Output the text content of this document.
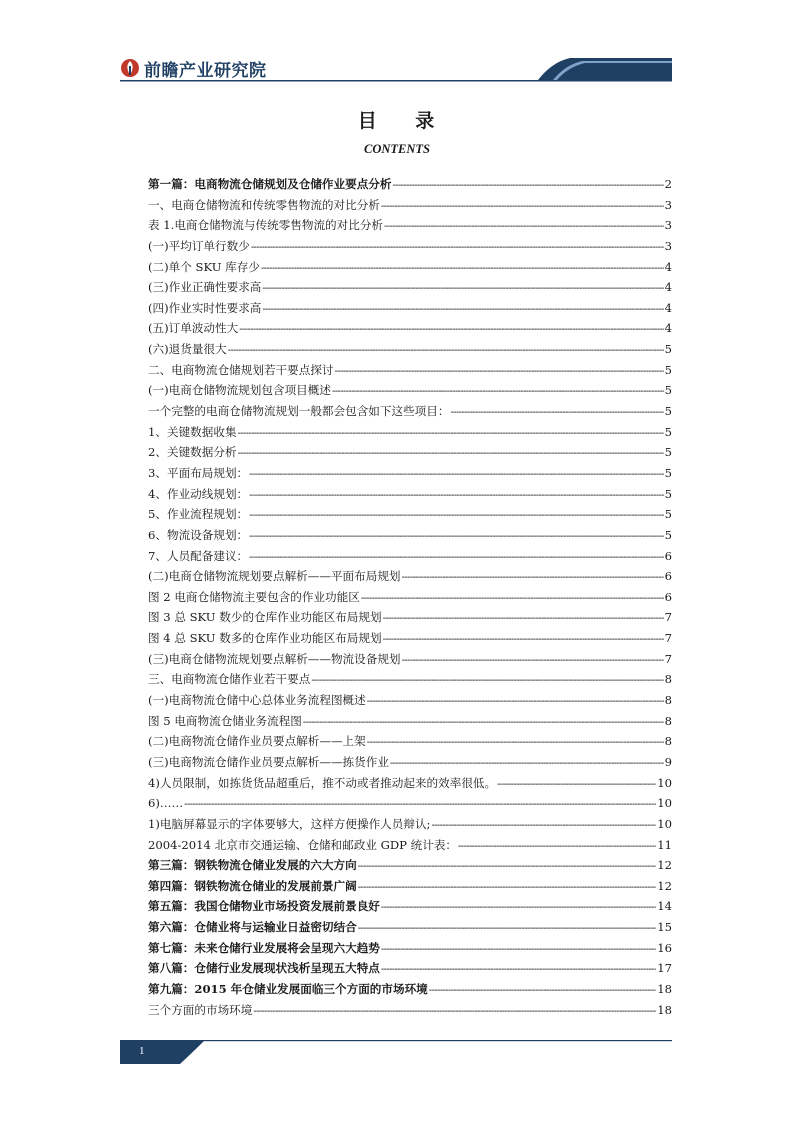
前瞻产业研究院
目 录
CONTENTS
第一篇：电商物流仓储规划及仓储作业要点分析 -----	2
一、电商仓储物流和传统零售物流的对比分析 -----	3
表 1.电商仓储物流与传统零售物流的对比分析 -----	3
(一)平均订单行数少 -----	3
(二)单个 SKU 库存少 -----	4
(三)作业正确性要求高 -----	4
(四)作业实时性要求高 -----	4
(五)订单波动性大 -----	4
(六)退货量很大 -----	5
二、电商物流仓储规划若干要点探讨 -----	5
(一)电商仓储物流规划包含项目概述 -----	5
一个完整的电商仓储物流规划一般都会包含如下这些项目： -----	5
1、关键数据收集 -----	5
2、关键数据分析 -----	5
3、平面布局规划： -----	5
4、作业动线规划： -----	5
5、作业流程规划： -----	5
6、物流设备规划： -----	5
7、人员配备建议： -----	6
(二)电商仓储物流规划要点解析——平面布局规划 -----	6
图 2 电商仓储物流主要包含的作业功能区 -----	6
图 3 总 SKU 数少的仓库作业功能区布局规划 -----	7
图 4 总 SKU 数多的仓库作业功能区布局规划 -----	7
(三)电商仓储物流规划要点解析——物流设备规划 -----	7
三、电商物流仓储作业若干要点 -----	8
(一)电商物流仓储中心总体业务流程图概述 -----	8
图 5 电商物流仓储业务流程图 -----	8
(二)电商物流仓储作业员要点解析——上架 -----	8
(三)电商物流仓储作业员要点解析——拣货作业 -----	9
4)人员限制，如拣货货品超重后，推不动或者推动起来的效率很低。 -----	10
6)…… -----	10
1)电脑屏幕显示的字体要够大，这样方便操作人员辩认; -----	10
2004-2014 北京市交通运输、仓储和邮政业 GDP 统计表： -----	11
第三篇：钢铁物流仓储业发展的六大方向 -----	12
第四篇：钢铁物流仓储业的发展前景广阔 -----	12
第五篇：我国仓储物业市场投资发展前景良好 -----	14
第六篇：仓储业将与运输业日益密切结合 -----	15
第七篇：未来仓储行业发展将会呈现六大趋势 -----	16
第八篇：仓储行业发展现状浅析呈现五大特点 -----	17
第九篇：2015 年仓储业发展面临三个方面的市场环境 -----	18
三个方面的市场环境 -----	18
1
